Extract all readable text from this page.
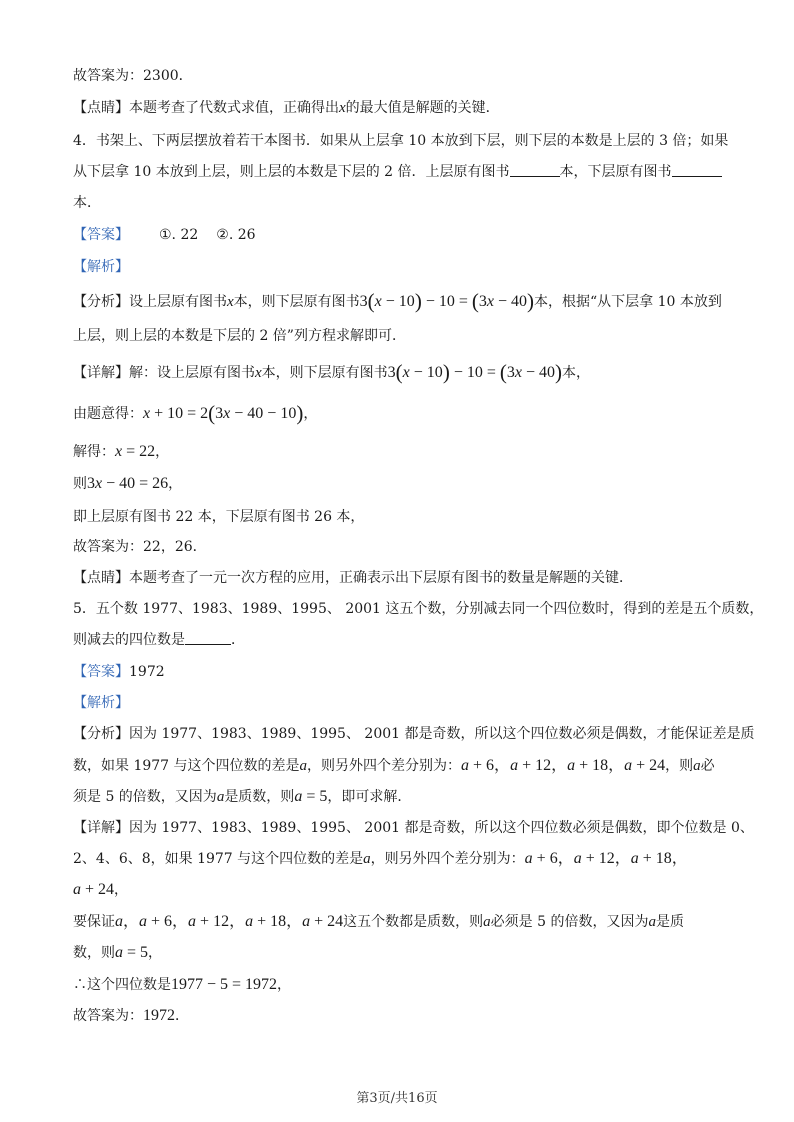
故答案为：2300．
【点睛】本题考查了代数式求值，正确得出x的最大值是解题的关键．
4．书架上、下两层摆放着若干本图书．如果从上层拿 10 本放到下层，则下层的本数是上层的 3 倍；如果
从下层拿 10 本放到上层，则上层的本数是下层的 2 倍．上层原有图书	本，下层原有图书
本．
【答案】 ①. 22 ②. 26
【解析】
【分析】设上层原有图书x本，则下层原有图书3(x − 10) − 10 = (3x − 40)本，根据“从下层拿 10 本放到
上层，则上层的本数是下层的 2 倍”列方程求解即可．
【详解】解：设上层原有图书x本，则下层原有图书3(x − 10) − 10 = (3x − 40)本，
由题意得：x + 10 = 2(3x − 40 − 10)，
解得：x = 22，
则3x − 40 = 26，
即上层原有图书 22 本，下层原有图书 26 本，
故答案为：22，26．
【点睛】本题考查了一元一次方程的应用，正确表示出下层原有图书的数量是解题的关键．
5．五个数 1977、1983、1989、1995、 2001 这五个数，分别减去同一个四位数时，得到的差是五个质数，
则减去的四位数是	．
【答案】1972
【解析】
【分析】因为 1977、1983、1989、1995、 2001 都是奇数，所以这个四位数必须是偶数，才能保证差是质
数，如果 1977 与这个四位数的差是a，则另外四个差分别为：a + 6，a + 12，a + 18，a + 24，则a必
须是 5 的倍数，又因为a是质数，则a = 5，即可求解．
【详解】因为 1977、1983、1989、1995、 2001 都是奇数，所以这个四位数必须是偶数，即个位数是 0、
2、4、6、8，如果 1977 与这个四位数的差是a，则另外四个差分别为：a + 6，a + 12，a + 18，
a + 24，
要保证a，a + 6，a + 12，a + 18，a + 24这五个数都是质数，则a必须是 5 的倍数，又因为a是质
数，则a = 5，
∴这个四位数是1977 − 5 = 1972，
故答案为：1972．
第3页/共16页
